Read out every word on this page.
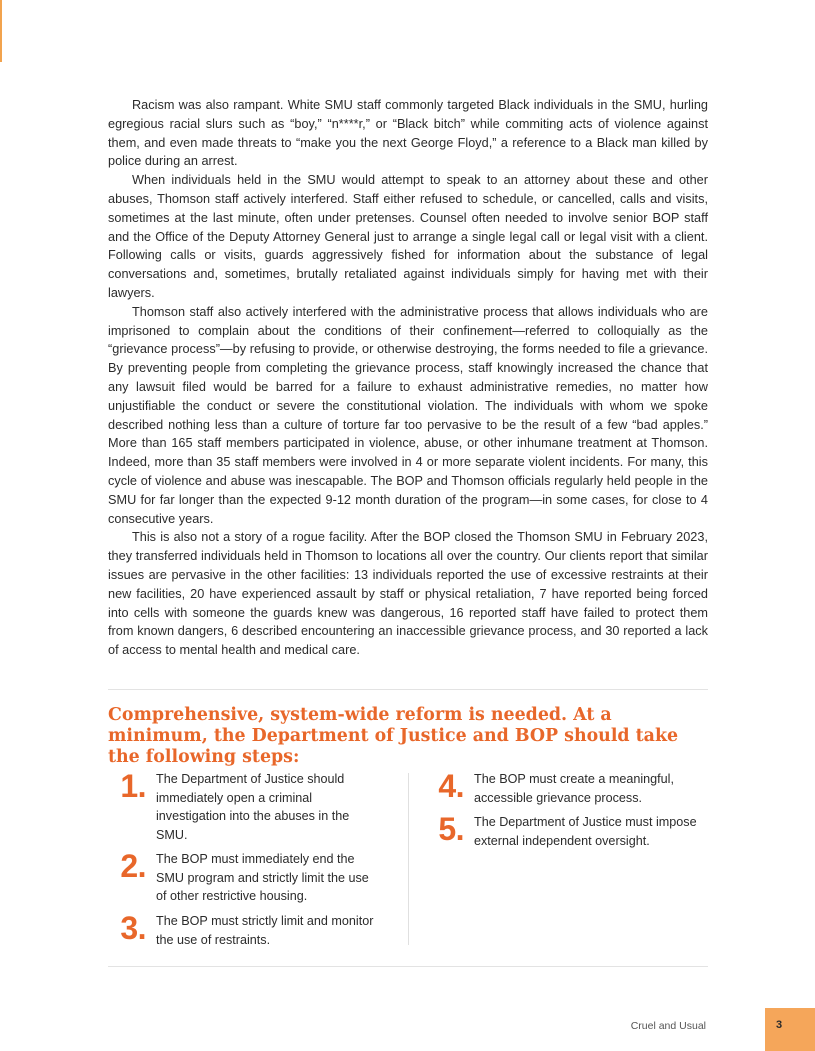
Racism was also rampant. White SMU staff commonly targeted Black individuals in the SMU, hurling egregious racial slurs such as “boy,” “n****r,” or “Black bitch” while commiting acts of violence against them, and even made threats to “make you the next George Floyd,” a reference to a Black man killed by police during an arrest.

When individuals held in the SMU would attempt to speak to an attorney about these and other abuses, Thomson staff actively interfered. Staff either refused to schedule, or cancelled, calls and visits, sometimes at the last minute, often under pretenses. Counsel often needed to involve senior BOP staff and the Office of the Deputy Attorney General just to arrange a single legal call or legal visit with a client. Following calls or visits, guards aggressively fished for information about the substance of legal conversations and, sometimes, brutally retaliated against individuals simply for having met with their lawyers.

Thomson staff also actively interfered with the administrative process that allows individuals who are imprisoned to complain about the conditions of their confinement—referred to colloquially as the “grievance process”—by refusing to provide, or otherwise destroying, the forms needed to file a grievance. By preventing people from completing the grievance process, staff knowingly increased the chance that any lawsuit filed would be barred for a failure to exhaust administrative remedies, no matter how unjustifiable the conduct or severe the constitutional violation. The individuals with whom we spoke described nothing less than a culture of torture far too pervasive to be the result of a few “bad apples.” More than 165 staff members participated in violence, abuse, or other inhumane treatment at Thomson. Indeed, more than 35 staff members were involved in 4 or more separate violent incidents. For many, this cycle of violence and abuse was inescapable. The BOP and Thomson officials regularly held people in the SMU for far longer than the expected 9-12 month duration of the program—in some cases, for close to 4 consecutive years.

This is also not a story of a rogue facility. After the BOP closed the Thomson SMU in February 2023, they transferred individuals held in Thomson to locations all over the country. Our clients report that similar issues are pervasive in the other facilities: 13 individuals reported the use of excessive restraints at their new facilities, 20 have experienced assault by staff or physical retaliation, 7 have reported being forced into cells with someone the guards knew was dangerous, 16 reported staff have failed to protect them from known dangers, 6 described encountering an inaccessible grievance process, and 30 reported a lack of access to mental health and medical care.

Comprehensive, system-wide reform is needed. At a minimum, the Department of Justice and BOP should take the following steps:
1. The Department of Justice should immediately open a criminal investigation into the abuses in the SMU.
2. The BOP must immediately end the SMU program and strictly limit the use of other restrictive housing.
3. The BOP must strictly limit and monitor the use of restraints.
4. The BOP must create a meaningful, accessible grievance process.
5. The Department of Justice must impose external independent oversight.
Cruel and Usual	3
